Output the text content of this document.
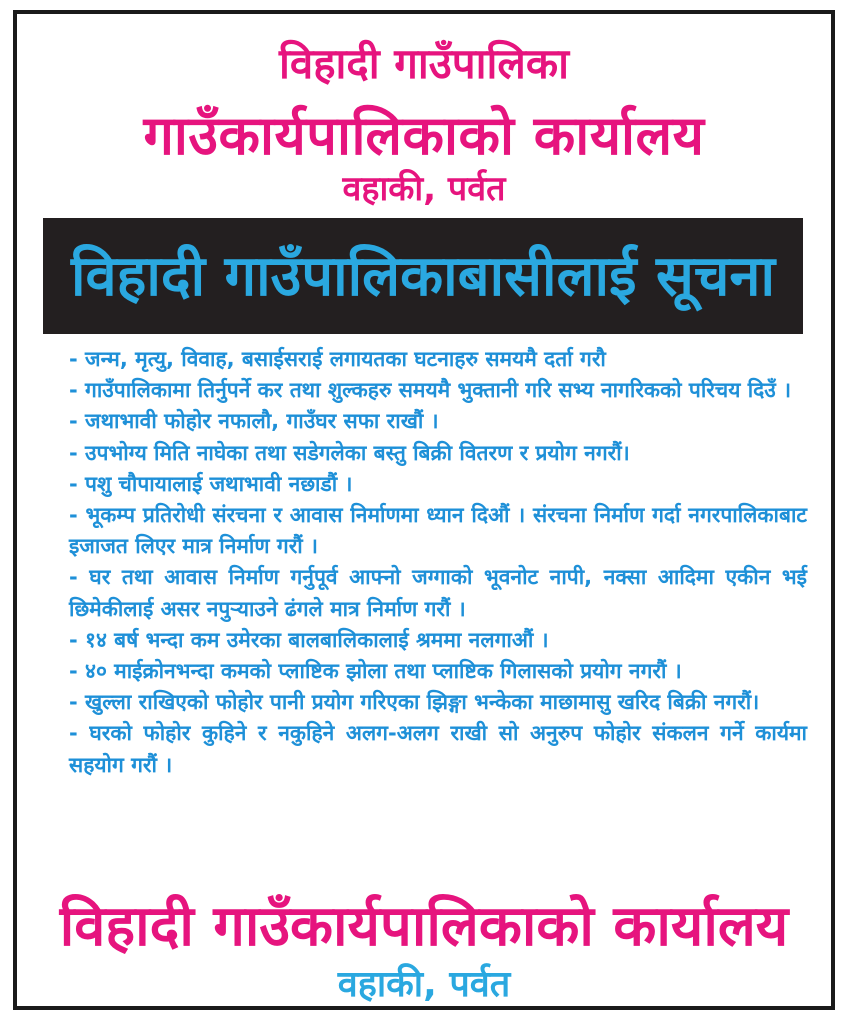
विहादी गाउँपालिका
गाउँकार्यपालिकाको कार्यालय
वहाकी, पर्वत
विहादी गाउँपालिकाबासीलाई सूचना

- जन्म, मृत्यु, विवाह, बसाईसराई लगायतका घटनाहरु समयमै दर्ता गरौ

- गाउँपालिकामा तिर्नुपर्ने कर तथा शुल्कहरु समयमै भुक्तानी गरि सभ्य नागरिकको परिचय दिउँ ।

- जथाभावी फोहोर नफालौ, गाउँघर सफा राखौं ।

- उपभोग्य मिति नाघेका तथा सडेगलेका बस्तु बिक्री वितरण र प्रयोग नगरौं।

- पशु चौपायालाई जथाभावी नछाडौं ।

- भूकम्प प्रतिरोधी संरचना र आवास निर्माणमा ध्यान दिऔं । संरचना निर्माण गर्दा नगरपालिकाबाट इजाजत लिएर मात्र निर्माण गरौं ।

- घर तथा आवास निर्माण गर्नुपूर्व आफ्नो जग्गाको भूवनोट नापी, नक्सा आदिमा एकीन भई छिमेकीलाई असर नपुऱ्याउने ढंगले मात्र निर्माण गरौं ।

- १४ बर्ष भन्दा कम उमेरका बालबालिकालाई श्रममा नलगाऔं ।

- ४० माईक्रोनभन्दा कमको प्लाष्टिक झोला तथा प्लाष्टिक गिलासको प्रयोग नगरौं ।

- खुल्ला राखिएको फोहोर पानी प्रयोग गरिएका झिङ्गा भन्केका माछामासु खरिद बिक्री नगरौं।

- घरको फोहोर कुहिने र नकुहिने अलग-अलग राखी सो अनुरुप फोहोर संकलन गर्ने कार्यमा सहयोग गरौं ।

विहादी गाउँकार्यपालिकाको कार्यालय
वहाकी, पर्वत
